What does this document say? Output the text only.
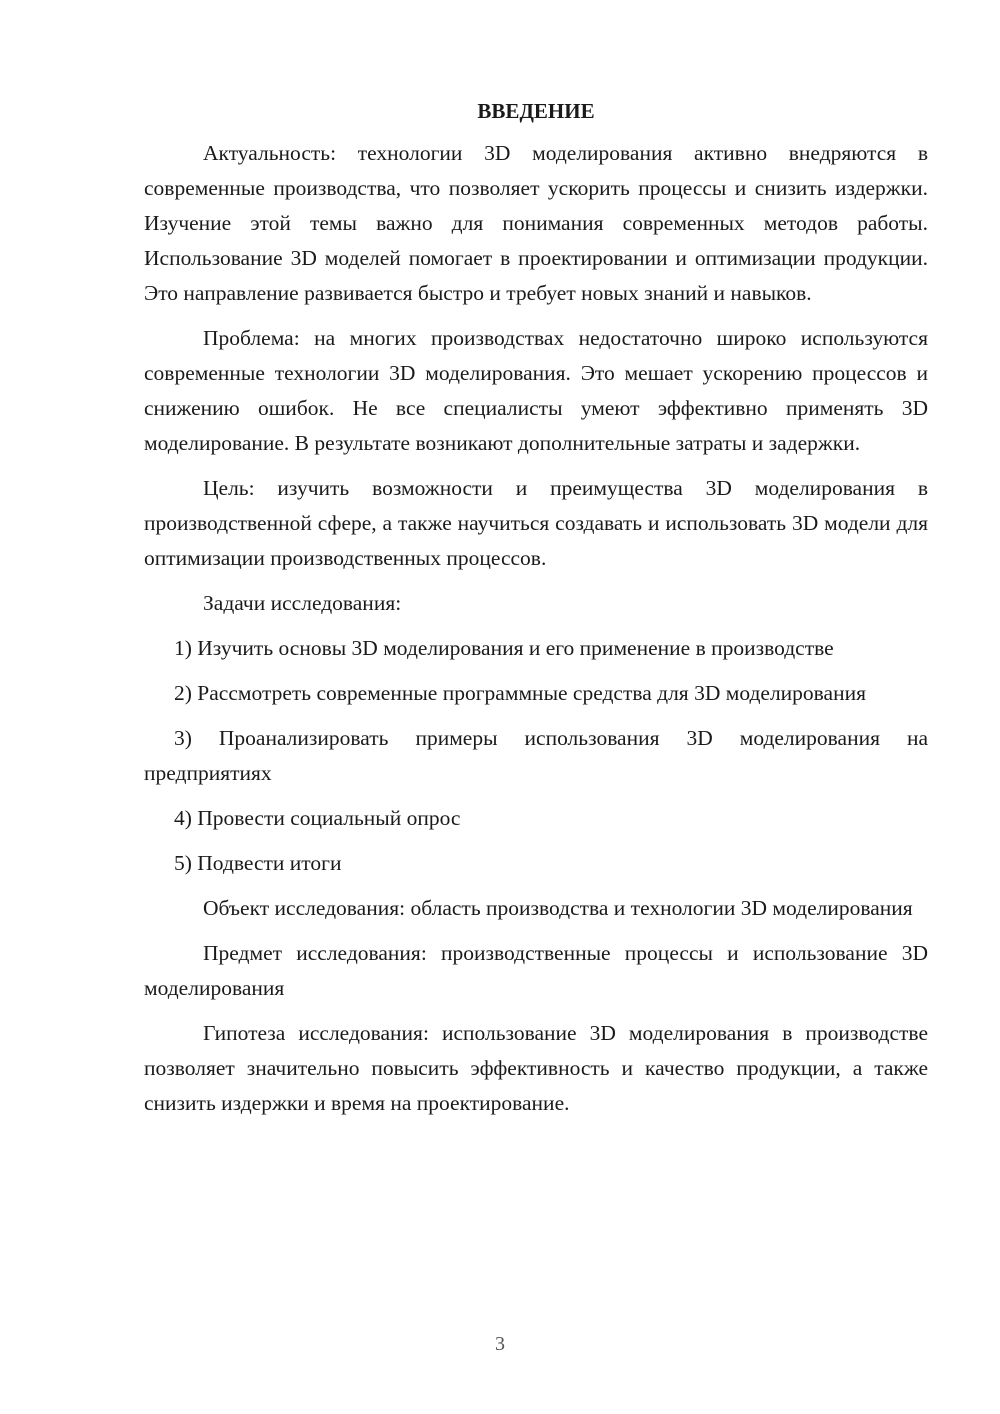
ВВЕДЕНИЕ

Актуальность: технологии 3D моделирования активно внедряются в современные производства, что позволяет ускорить процессы и снизить издержки. Изучение этой темы важно для понимания современных методов работы. Использование 3D моделей помогает в проектировании и оптимизации продукции. Это направление развивается быстро и требует новых знаний и навыков.

Проблема: на многих производствах недостаточно широко используются современные технологии 3D моделирования. Это мешает ускорению процессов и снижению ошибок. Не все специалисты умеют эффективно применять 3D моделирование. В результате возникают дополнительные затраты и задержки.

Цель: изучить возможности и преимущества 3D моделирования в производственной сфере, а также научиться создавать и использовать 3D модели для оптимизации производственных процессов.

Задачи исследования:

1) Изучить основы 3D моделирования и его применение в производстве

2) Рассмотреть современные программные средства для 3D моделирования

3) Проанализировать примеры использования 3D моделирования на предприятиях

4) Провести социальный опрос

5) Подвести итоги

Объект исследования: область производства и технологии 3D моделирования

Предмет исследования: производственные процессы и использование 3D моделирования

Гипотеза исследования: использование 3D моделирования в производстве позволяет значительно повысить эффективность и качество продукции, а также снизить издержки и время на проектирование.

3
